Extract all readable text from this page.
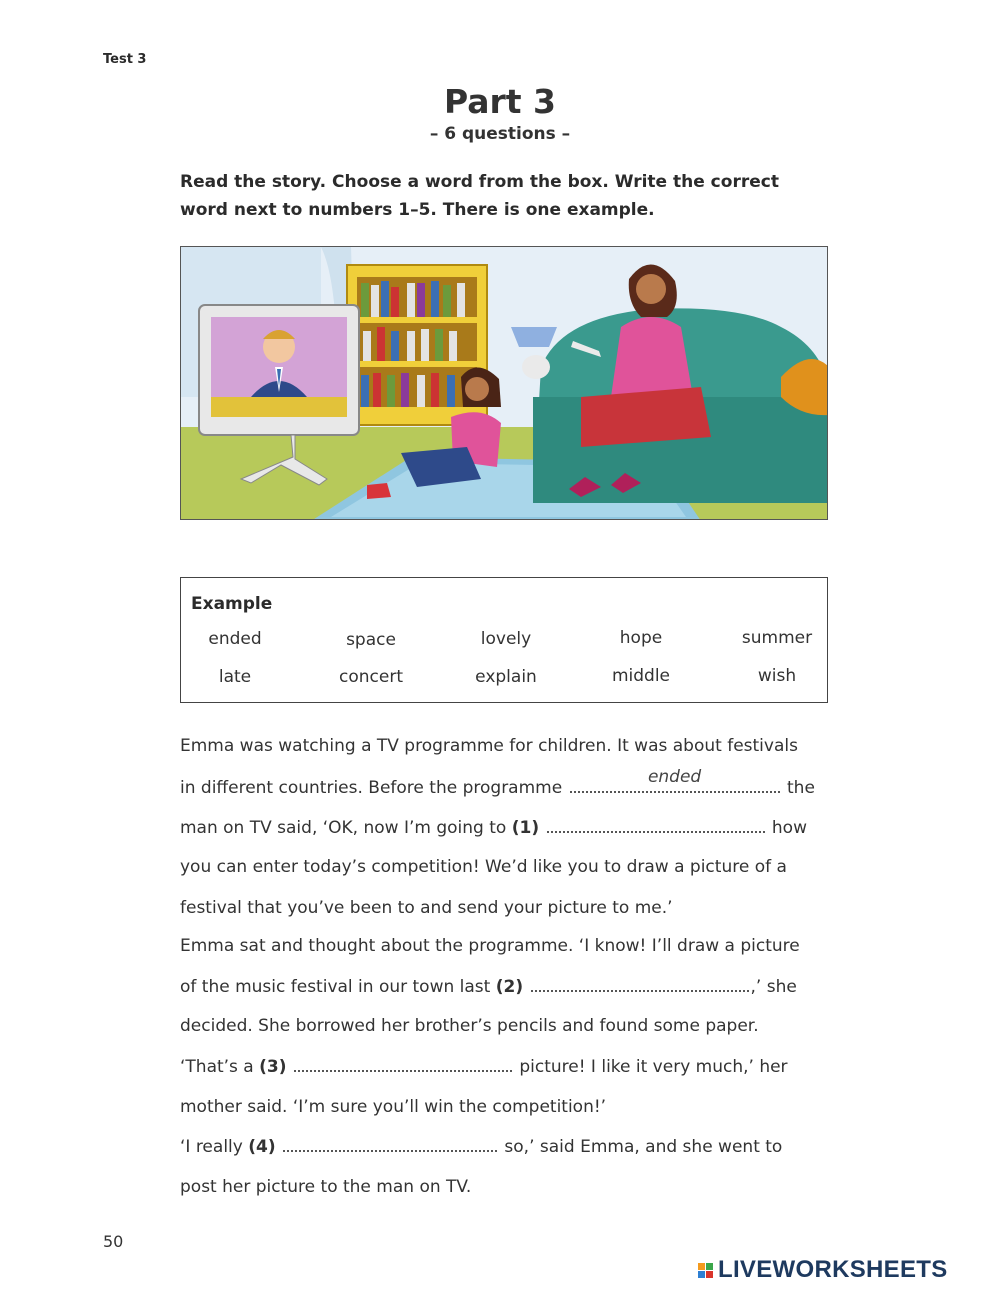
Test 3
Part 3
– 6 questions –
Read the story. Choose a word from the box. Write the correct word next to numbers 1–5. There is one example.
Example
ended	space	lovely	hope	summer
late	concert	explain	middle	wish
Emma was watching a TV programme for children. It was about festivals
in different countries. Before the programme
ended
the
man on TV said, ‘OK, now I’m going to (1)	how
you can enter today’s competition! We’d like you to draw a picture of a
festival that you’ve been to and send your picture to me.’
Emma sat and thought about the programme. ‘I know! I’ll draw a picture
of the music festival in our town last (2)	,’ she
decided. She borrowed her brother’s pencils and found some paper.
‘That’s a (3)	picture! I like it very much,’ her
mother said. ‘I’m sure you’ll win the competition!’
‘I really (4)	so,’ said Emma, and she went to
post her picture to the man on TV.
50
LIVEWORKSHEETS
